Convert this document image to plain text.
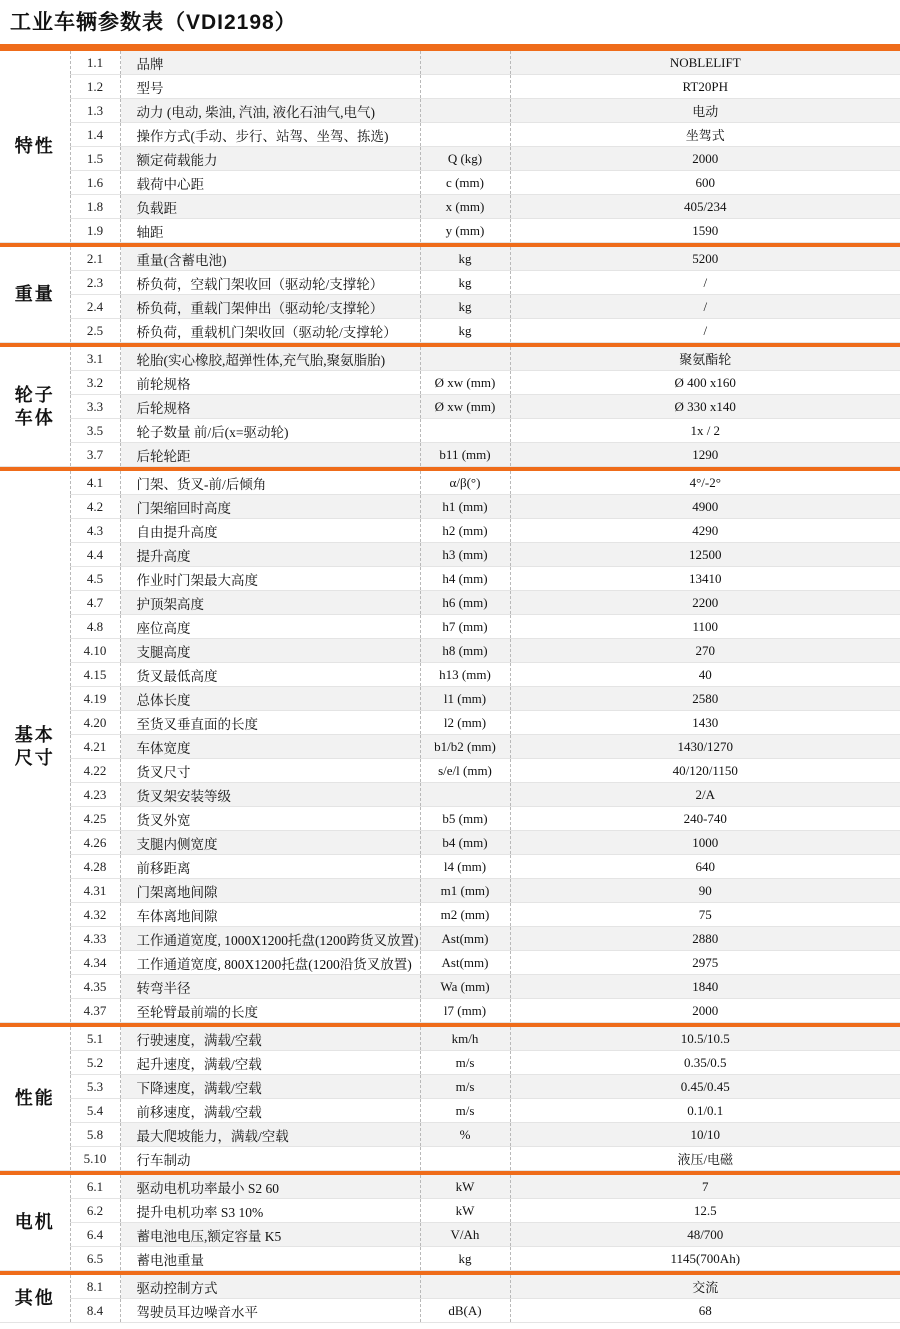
工业车辆参数表（VDI2198）

特性	1.1	品牌		NOBLELIFT
	1.2	型号		RT20PH
	1.3	动力 (电动, 柴油, 汽油, 液化石油气,电气)		电动
	1.4	操作方式(手动、步行、站驾、坐驾、拣选)		坐驾式
	1.5	额定荷载能力	Q (kg)	2000
	1.6	载荷中心距	c (mm)	600
	1.8	负载距	x (mm)	405/234
	1.9	轴距	y (mm)	1590

重量	2.1	重量(含蓄电池)	kg	5200
	2.3	桥负荷，空载门架收回（驱动轮/支撑轮）	kg	/
	2.4	桥负荷，重载门架伸出（驱动轮/支撑轮）	kg	/
	2.5	桥负荷，重载机门架收回（驱动轮/支撑轮）	kg	/

轮子
车体	3.1	轮胎(实心橡胶,超弹性体,充气胎,聚氨脂胎)		聚氨酯轮
	3.2	前轮规格	Ø xw (mm)	Ø 400 x160
	3.3	后轮规格	Ø xw (mm)	Ø 330 x140
	3.5	轮子数量 前/后(x=驱动轮)		1x / 2
	3.7	后轮轮距	b11 (mm)	1290

基本
尺寸	4.1	门架、货叉-前/后倾角	α/β(°)	4°/-2°
	4.2	门架缩回时高度	h1 (mm)	4900
	4.3	自由提升高度	h2 (mm)	4290
	4.4	提升高度	h3 (mm)	12500
	4.5	作业时门架最大高度	h4 (mm)	13410
	4.7	护顶架高度	h6 (mm)	2200
	4.8	座位高度	h7 (mm)	1100
	4.10	支腿高度	h8 (mm)	270
	4.15	货叉最低高度	h13 (mm)	40
	4.19	总体长度	l1 (mm)	2580
	4.20	至货叉垂直面的长度	l2 (mm)	1430
	4.21	车体宽度	b1/b2 (mm)	1430/1270
	4.22	货叉尺寸	s/e/l (mm)	40/120/1150
	4.23	货叉架安装等级		2/A
	4.25	货叉外宽	b5 (mm)	240-740
	4.26	支腿内侧宽度	b4 (mm)	1000
	4.28	前移距离	l4 (mm)	640
	4.31	门架离地间隙	m1 (mm)	90
	4.32	车体离地间隙	m2 (mm)	75
	4.33	工作通道宽度, 1000X1200托盘(1200跨货叉放置)	Ast(mm)	2880
	4.34	工作通道宽度, 800X1200托盘(1200沿货叉放置)	Ast(mm)	2975
	4.35	转弯半径	Wa (mm)	1840
	4.37	至轮臂最前端的长度	l7 (mm)	2000

性能	5.1	行驶速度，满载/空载	km/h	10.5/10.5
	5.2	起升速度，满载/空载	m/s	0.35/0.5
	5.3	下降速度，满载/空载	m/s	0.45/0.45
	5.4	前移速度，满载/空载	m/s	0.1/0.1
	5.8	最大爬坡能力，满载/空载	%	10/10
	5.10	行车制动		液压/电磁

电机	6.1	驱动电机功率最小 S2 60	kW	7
	6.2	提升电机功率 S3 10%	kW	12.5
	6.4	蓄电池电压,额定容量 K5	V/Ah	48/700
	6.5	蓄电池重量	kg	1145(700Ah)

其他	8.1	驱动控制方式		交流
	8.4	驾驶员耳边噪音水平	dB(A)	68
